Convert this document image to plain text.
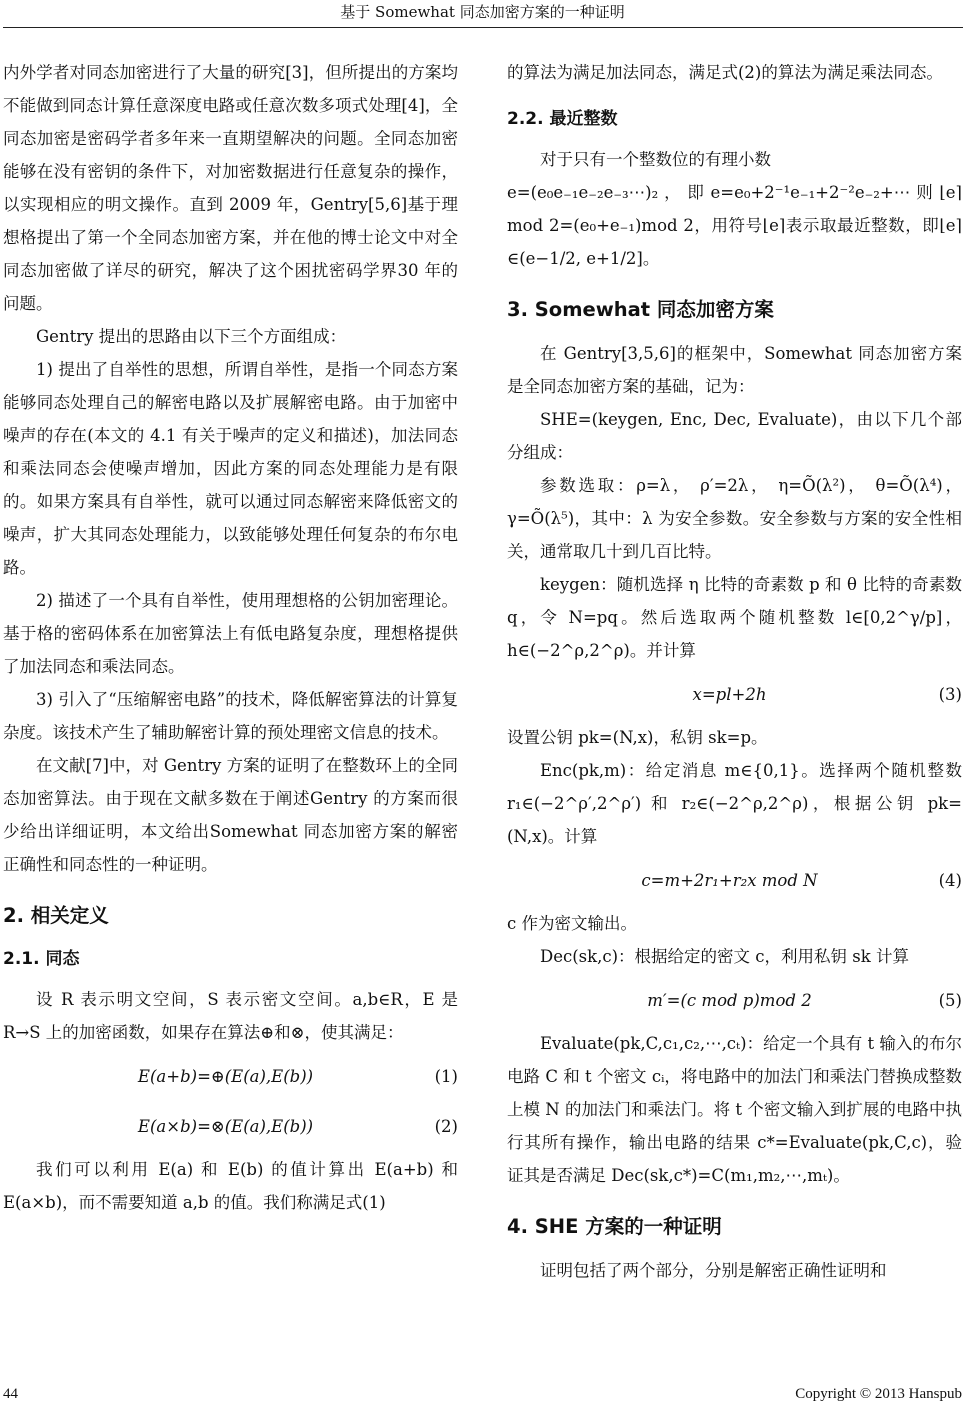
基于 Somewhat 同态加密方案的一种证明

内外学者对同态加密进行了大量的研究[3]，但所提出的方案均不能做到同态计算任意深度电路或任意次数多项式处理[4]，全同态加密是密码学者多年来一直期望解决的问题。全同态加密能够在没有密钥的条件下，对加密数据进行任意复杂的操作，以实现相应的明文操作。直到 2009 年，Gentry[5,6]基于理想格提出了第一个全同态加密方案，并在他的博士论文中对全同态加密做了详尽的研究，解决了这个困扰密码学界30 年的问题。

Gentry 提出的思路由以下三个方面组成：

1) 提出了自举性的思想，所谓自举性，是指一个同态方案能够同态处理自己的解密电路以及扩展解密电路。由于加密中噪声的存在(本文的 4.1 有关于噪声的定义和描述)，加法同态和乘法同态会使噪声增加，因此方案的同态处理能力是有限的。如果方案具有自举性，就可以通过同态解密来降低密文的噪声，扩大其同态处理能力，以致能够处理任何复杂的布尔电路。

2) 描述了一个具有自举性，使用理想格的公钥加密理论。基于格的密码体系在加密算法上有低电路复杂度，理想格提供了加法同态和乘法同态。

3) 引入了“压缩解密电路”的技术，降低解密算法的计算复杂度。该技术产生了辅助解密计算的预处理密文信息的技术。

在文献[7]中，对 Gentry 方案的证明了在整数环上的全同态加密算法。由于现在文献多数在于阐述Gentry 的方案而很少给出详细证明，本文给出Somewhat 同态加密方案的解密正确性和同态性的一种证明。

2. 相关定义
2.1. 同态

设 R 表示明文空间，S 表示密文空间。a,b∈R，E 是 R→S 上的加密函数，如果存在算法⊕和⊗，使其满足：

E(a+b)=⊕(E(a),E(b))	(1)
E(a×b)=⊗(E(a),E(b))	(2)

我们可以利用 E(a) 和 E(b) 的值计算出 E(a+b) 和 E(a×b)，而不需要知道 a,b 的值。我们称满足式(1)

的算法为满足加法同态，满足式(2)的算法为满足乘法同态。

2.2. 最近整数

对于只有一个整数位的有理小数

e=(e₀e₋₁e₋₂e₋₃⋯)₂ ， 即 e=e₀+2⁻¹e₋₁+2⁻²e₋₂+⋯ 则 ⌊e⌉mod 2=(e₀+e₋₁)mod 2，用符号⌊e⌉表示取最近整数，即⌊e⌉∈(e−1/2, e+1/2]。

3. Somewhat 同态加密方案

在 Gentry[3,5,6]的框架中，Somewhat 同态加密方案是全同态加密方案的基础，记为：

SHE=(keygen, Enc, Dec, Evaluate)，由以下几个部分组成：

参数选取：ρ=λ， ρ′=2λ， η=Õ(λ²)， θ=Õ(λ⁴)， γ=Õ(λ⁵)，其中：λ 为安全参数。安全参数与方案的安全性相关，通常取几十到几百比特。

keygen：随机选择 η 比特的奇素数 p 和 θ 比特的奇素数 q，令 N=pq。然后选取两个随机整数 l∈[0,2^γ/p]，h∈(−2^ρ,2^ρ)。并计算

x=pl+2h	(3)

设置公钥 pk=(N,x)，私钥 sk=p。

Enc(pk,m)：给定消息 m∈{0,1}。选择两个随机整数 r₁∈(−2^ρ′,2^ρ′) 和 r₂∈(−2^ρ,2^ρ)，根据公钥 pk=(N,x)。计算

c=m+2r₁+r₂x mod N	(4)

c 作为密文输出。

Dec(sk,c)：根据给定的密文 c，利用私钥 sk 计算

m′=(c mod p)mod 2	(5)

Evaluate(pk,C,c₁,c₂,⋯,cₜ)：给定一个具有 t 输入的布尔电路 C 和 t 个密文 cᵢ，将电路中的加法门和乘法门替换成整数上模 N 的加法门和乘法门。将 t 个密文输入到扩展的电路中执行其所有操作，输出电路的结果 c*=Evaluate(pk,C,c)，验证其是否满足 Dec(sk,c*)=C(m₁,m₂,⋯,mₜ)。

4. SHE 方案的一种证明

证明包括了两个部分，分别是解密正确性证明和

44	Copyright © 2013 Hanspub
